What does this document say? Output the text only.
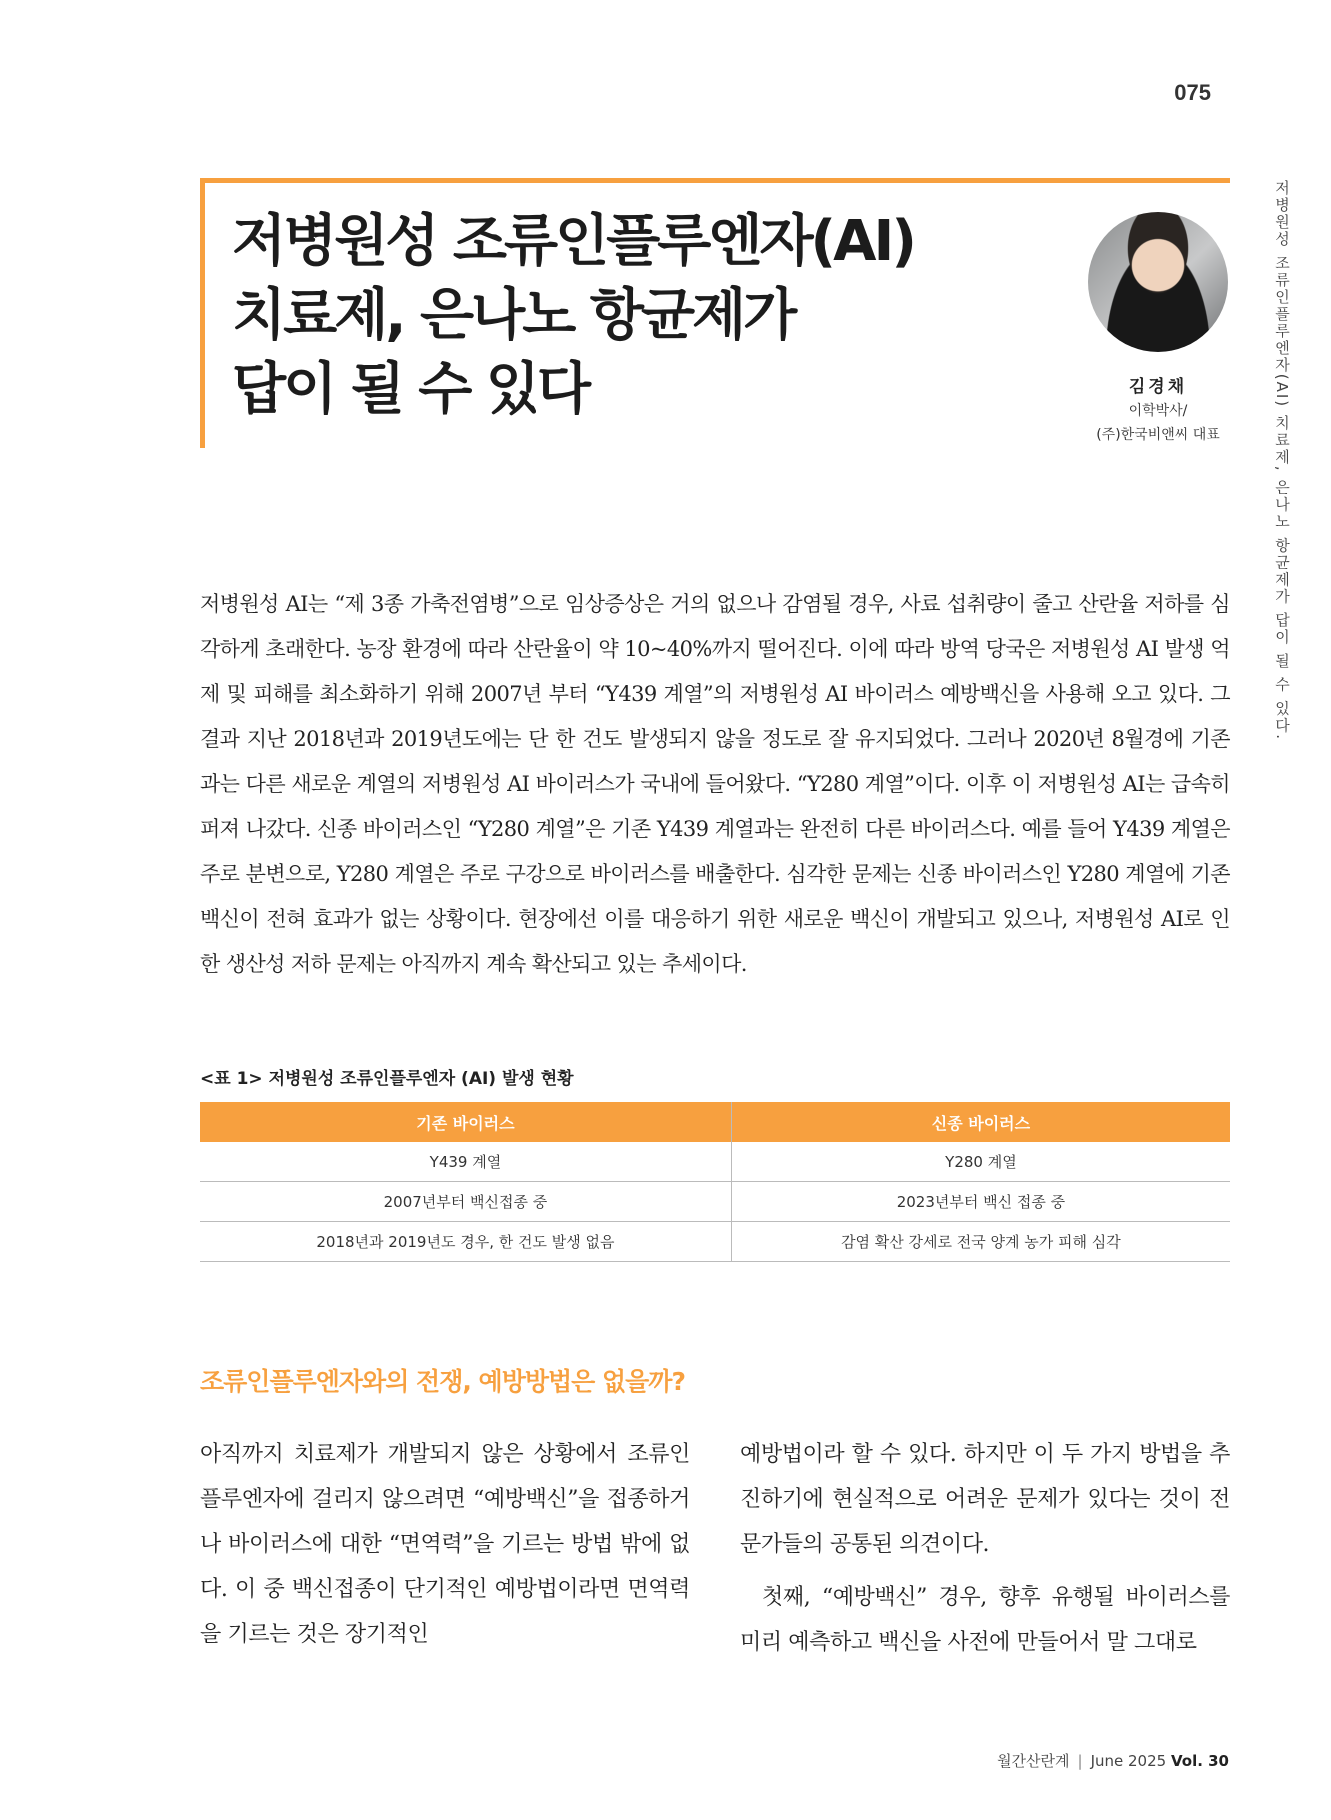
075
저병원성 조류인플루엔자(AI) 치료제, 은나노 항균제가 답이 될 수 있다.
저병원성 조류인플루엔자(AI)
치료제, 은나노 항균제가
답이 될 수 있다	김경채
이학박사/
(주)한국비앤씨 대표

저병원성 AI는 “제 3종 가축전염병”으로 임상증상은 거의 없으나 감염될 경우, 사료 섭취량이 줄고 산란율 저하를 심각하게 초래한다. 농장 환경에 따라 산란율이 약 10~40%까지 떨어진다. 이에 따라 방역 당국은 저병원성 AI 발생 억제 및 피해를 최소화하기 위해 2007년 부터 “Y439 계열”의 저병원성 AI 바이러스 예방백신을 사용해 오고 있다. 그 결과 지난 2018년과 2019년도에는 단 한 건도 발생되지 않을 정도로 잘 유지되었다. 그러나 2020년 8월경에 기존과는 다른 새로운 계열의 저병원성 AI 바이러스가 국내에 들어왔다. “Y280 계열”이다. 이후 이 저병원성 AI는 급속히 퍼져 나갔다. 신종 바이러스인 “Y280 계열”은 기존 Y439 계열과는 완전히 다른 바이러스다. 예를 들어 Y439 계열은 주로 분변으로, Y280 계열은 주로 구강으로 바이러스를 배출한다. 심각한 문제는 신종 바이러스인 Y280 계열에 기존 백신이 전혀 효과가 없는 상황이다. 현장에선 이를 대응하기 위한 새로운 백신이 개발되고 있으나, 저병원성 AI로 인한 생산성 저하 문제는 아직까지 계속 확산되고 있는 추세이다.

<표 1> 저병원성 조류인플루엔자 (AI) 발생 현황

기존 바이러스	신종 바이러스
Y439 계열	Y280 계열
2007년부터 백신접종 중	2023년부터 백신 접종 중
2018년과 2019년도 경우, 한 건도 발생 없음	감염 확산 강세로 전국 양계 농가 피해 심각
조류인플루엔자와의 전쟁, 예방방법은 없을까?

아직까지 치료제가 개발되지 않은 상황에서 조류인플루엔자에 걸리지 않으려면 “예방백신”을 접종하거나 바이러스에 대한 “면역력”을 기르는 방법 밖에 없다. 이 중 백신접종이 단기적인 예방법이라면 면역력을 기르는 것은 장기적인

예방법이라 할 수 있다. 하지만 이 두 가지 방법을 추진하기에 현실적으로 어려운 문제가 있다는 것이 전문가들의 공통된 의견이다.

첫째, “예방백신” 경우, 향후 유행될 바이러스를 미리 예측하고 백신을 사전에 만들어서 말 그대로

월간산란계 | June 2025 Vol. 30
